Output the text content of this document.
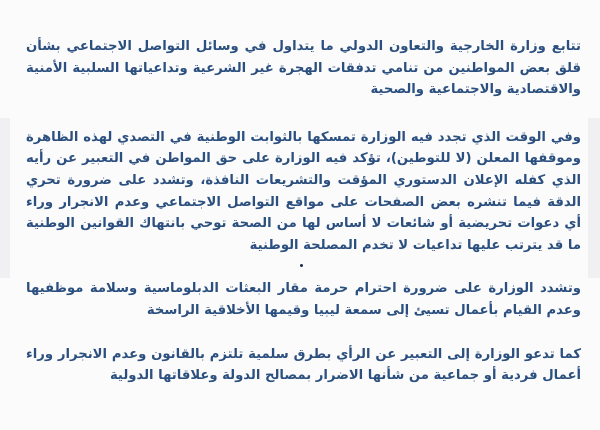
تتابع وزارة الخارجية والتعاون الدولي ما يتداول في وسائل التواصل الاجتماعي بشأن قلق بعض المواطنين من تنامي تدفقات الهجرة غير الشرعية وتداعياتها السلبية الأمنية والاقتصادية والاجتماعية والصحية

وفي الوقت الذي تجدد فيه الوزارة تمسكها بالثوابت الوطنية في التصدي لهذه الظاهرة وموقفها المعلن (لا للتوطين)، تؤكد فيه الوزارة على حق المواطن في التعبير عن رأيه الذي كفله الإعلان الدستوري المؤقت والتشريعات النافذة، وتشدد على ضرورة تحري الدقة فيما تنشره بعض الصفحات على مواقع التواصل الاجتماعي وعدم الانجرار وراء أي دعوات تحريضية أو شائعات لا أساس لها من الصحة توحي بانتهاك القوانين الوطنية ما قد يترتب عليها تداعيات لا تخدم المصلحة الوطنية

وتشدد الوزارة على ضرورة احترام حرمة مقار البعثات الدبلوماسية وسلامة موظفيها وعدم القيام بأعمال تسيئ إلى سمعة ليبيا وقيمها الأخلاقية الراسخة

كما تدعو الوزارة إلى التعبير عن الرأي بطرق سلمية تلتزم بالقانون وعدم الانجرار وراء أعمال فردية أو جماعية من شأنها الاضرار بمصالح الدولة وعلاقاتها الدولية
